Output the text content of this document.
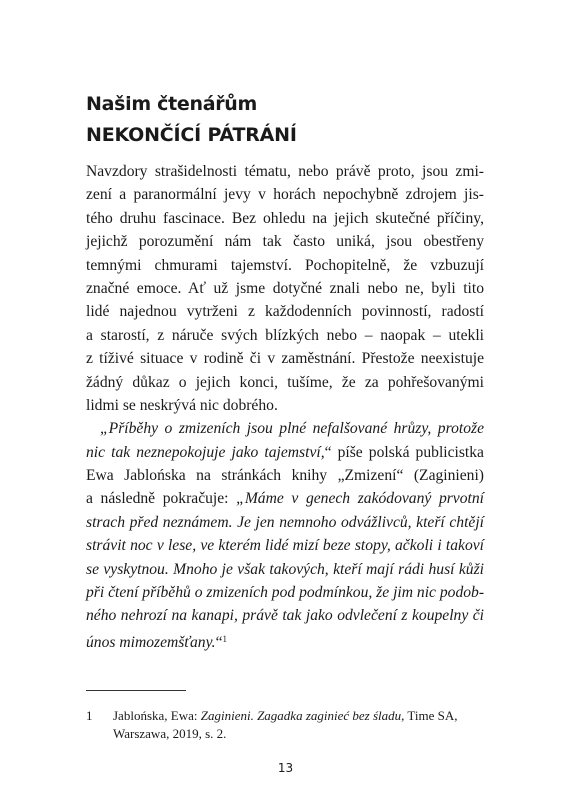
Našim čtenářům
NEKONČÍCÍ PÁTRÁNÍ
Navzdory strašidelnosti tématu, nebo právě proto, jsou zmi-
zení a paranormální jevy v horách nepochybně zdrojem jis-
tého druhu fascinace. Bez ohledu na jejich skutečné příčiny,
jejichž porozumění nám tak často uniká, jsou obestřeny
temnými chmurami tajemství. Pochopitelně, že vzbuzují
značné emoce. Ať už jsme dotyčné znali nebo ne, byli tito
lidé najednou vytrženi z každodenních povinností, radostí
a starostí, z náruče svých blízkých nebo – naopak – utekli
z tíživé situace v rodině či v zaměstnání. Přestože neexistuje
žádný důkaz o jejich konci, tušíme, že za pohřešovanými
lidmi se neskrývá nic dobrého.
„Příběhy o zmizeních jsou plné nefalšované hrůzy, protože
nic tak neznepokojuje jako tajemství,“ píše polská publicistka
Ewa Jablońska na stránkách knihy „Zmizení“ (Zaginieni)
a následně pokračuje: „Máme v genech zakódovaný prvotní
strach před neznámem. Je jen nemnoho odvážlivců, kteří chtějí
strávit noc v lese, ve kterém lidé mizí beze stopy, ačkoli i takoví
se vyskytnou. Mnoho je však takových, kteří mají rádi husí kůži
při čtení příběhů o zmizeních pod podmínkou, že jim nic podob-
ného nehrozí na kanapi, právě tak jako odvlečení z koupelny či
únos mimozemšťany.“$^1$
1 Jablońska, Ewa: Zaginieni. Zagadka zaginieć bez śladu, Time SA,
Warszawa, 2019, s. 2.
13
